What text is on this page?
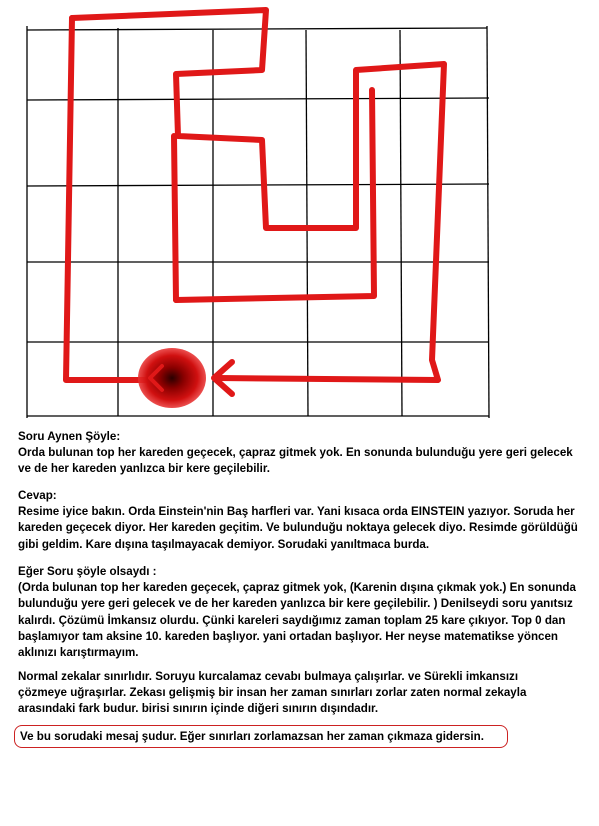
Soru Aynen Şöyle:
Orda bulunan top her kareden geçecek, çapraz gitmek yok. En sonunda bulunduğu yere geri gelecek
ve de her kareden yanlızca bir kere geçilebilir.
Cevap:
Resime iyice bakın. Orda Einstein'nin Baş harfleri var. Yani kısaca orda EINSTEIN yazıyor. Soruda her
kareden geçecek diyor. Her kareden geçitim. Ve bulunduğu noktaya gelecek diyo. Resimde görüldüğü
gibi geldim. Kare dışına taşılmayacak demiyor. Sorudaki yanıltmaca burda.
Eğer Soru şöyle olsaydı :
(Orda bulunan top her kareden geçecek, çapraz gitmek yok, (Karenin dışına çıkmak yok.) En sonunda
bulunduğu yere geri gelecek ve de her kareden yanlızca bir kere geçilebilir. ) Denilseydi soru yanıtsız
kalırdı. Çözümü İmkansız olurdu. Çünki kareleri saydığımız zaman toplam 25 kare çıkıyor. Top 0 dan
başlamıyor tam aksine 10. kareden başlıyor. yani ortadan başlıyor. Her neyse matematikse yöncen
aklınızı karıştırmayım.
Normal zekalar sınırlıdır. Soruyu kurcalamaz cevabı bulmaya çalışırlar. ve Sürekli imkansızı
çözmeye uğraşırlar. Zekası gelişmiş bir insan her zaman sınırları zorlar zaten normal zekayla
arasındaki fark budur. birisi sınırın içinde diğeri sınırın dışındadır.
Ve bu sorudaki mesaj şudur. Eğer sınırları zorlamazsan her zaman çıkmaza gidersin.
